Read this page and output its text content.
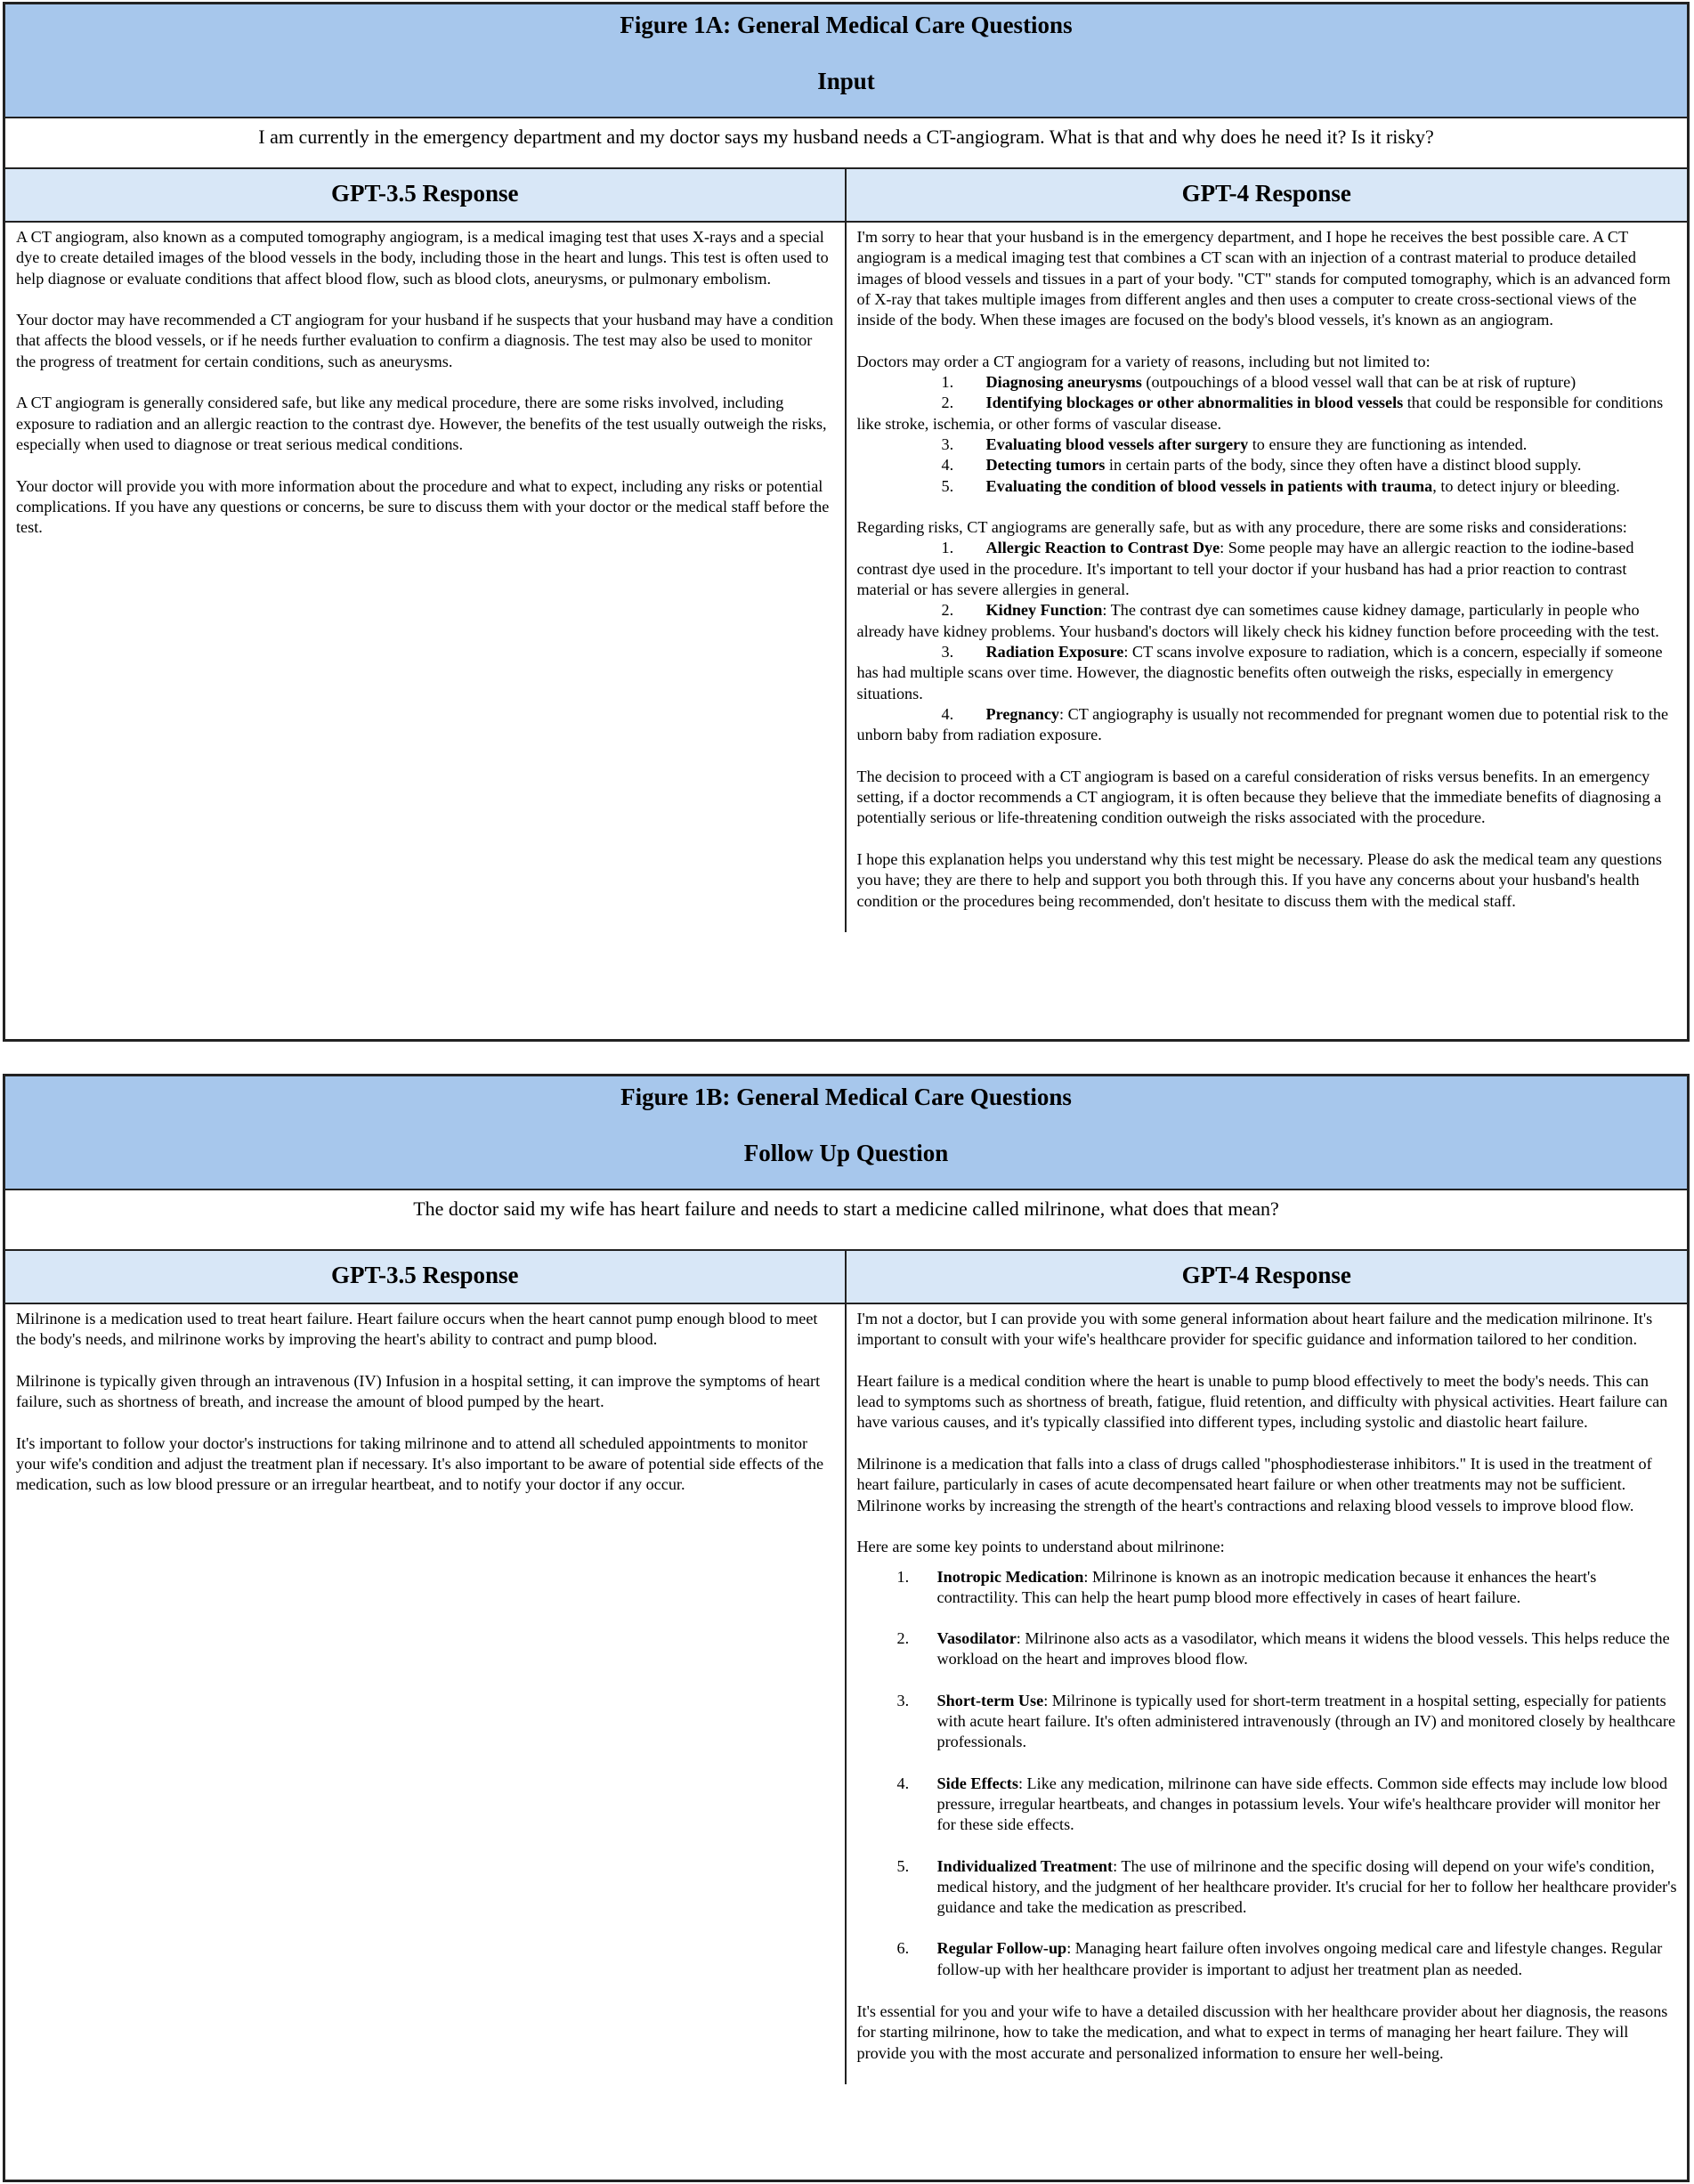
Figure 1A: General Medical Care Questions
Input
I am currently in the emergency department and my doctor says my husband needs a CT-angiogram. What is that and why does he need it? Is it risky?
GPT-3.5 Response

A CT angiogram, also known as a computed tomography angiogram, is a medical imaging test that uses X-rays and a special dye to create detailed images of the blood vessels in the body, including those in the heart and lungs. This test is often used to help diagnose or evaluate conditions that affect blood flow, such as blood clots, aneurysms, or pulmonary embolism.

Your doctor may have recommended a CT angiogram for your husband if he suspects that your husband may have a condition that affects the blood vessels, or if he needs further evaluation to confirm a diagnosis. The test may also be used to monitor the progress of treatment for certain conditions, such as aneurysms.

A CT angiogram is generally considered safe, but like any medical procedure, there are some risks involved, including exposure to radiation and an allergic reaction to the contrast dye. However, the benefits of the test usually outweigh the risks, especially when used to diagnose or treat serious medical conditions.

Your doctor will provide you with more information about the procedure and what to expect, including any risks or potential complications. If you have any questions or concerns, be sure to discuss them with your doctor or the medical staff before the test.

GPT-4 Response

I'm sorry to hear that your husband is in the emergency department, and I hope he receives the best possible care. A CT angiogram is a medical imaging test that combines a CT scan with an injection of a contrast material to produce detailed images of blood vessels and tissues in a part of your body. "CT" stands for computed tomography, which is an advanced form of X-ray that takes multiple images from different angles and then uses a computer to create cross-sectional views of the inside of the body. When these images are focused on the body's blood vessels, it's known as an angiogram.

Doctors may order a CT angiogram for a variety of reasons, including but not limited to:
1. Diagnosing aneurysms (outpouchings of a blood vessel wall that can be at risk of rupture)
2. Identifying blockages or other abnormalities in blood vessels that could be responsible for conditions like stroke, ischemia, or other forms of vascular disease.
3. Evaluating blood vessels after surgery to ensure they are functioning as intended.
4. Detecting tumors in certain parts of the body, since they often have a distinct blood supply.
5. Evaluating the condition of blood vessels in patients with trauma, to detect injury or bleeding.
Regarding risks, CT angiograms are generally safe, but as with any procedure, there are some risks and considerations:
1. Allergic Reaction to Contrast Dye: Some people may have an allergic reaction to the iodine-based contrast dye used in the procedure. It's important to tell your doctor if your husband has had a prior reaction to contrast material or has severe allergies in general.
2. Kidney Function: The contrast dye can sometimes cause kidney damage, particularly in people who already have kidney problems. Your husband's doctors will likely check his kidney function before proceeding with the test.
3. Radiation Exposure: CT scans involve exposure to radiation, which is a concern, especially if someone has had multiple scans over time. However, the diagnostic benefits often outweigh the risks, especially in emergency situations.
4. Pregnancy: CT angiography is usually not recommended for pregnant women due to potential risk to the unborn baby from radiation exposure.

The decision to proceed with a CT angiogram is based on a careful consideration of risks versus benefits. In an emergency setting, if a doctor recommends a CT angiogram, it is often because they believe that the immediate benefits of diagnosing a potentially serious or life-threatening condition outweigh the risks associated with the procedure.

I hope this explanation helps you understand why this test might be necessary. Please do ask the medical team any questions you have; they are there to help and support you both through this. If you have any concerns about your husband's health condition or the procedures being recommended, don't hesitate to discuss them with the medical staff.

Figure 1B: General Medical Care Questions
Follow Up Question
The doctor said my wife has heart failure and needs to start a medicine called milrinone, what does that mean?
GPT-3.5 Response

Milrinone is a medication used to treat heart failure. Heart failure occurs when the heart cannot pump enough blood to meet the body's needs, and milrinone works by improving the heart's ability to contract and pump blood.

Milrinone is typically given through an intravenous (IV) Infusion in a hospital setting, it can improve the symptoms of heart failure, such as shortness of breath, and increase the amount of blood pumped by the heart.

It's important to follow your doctor's instructions for taking milrinone and to attend all scheduled appointments to monitor your wife's condition and adjust the treatment plan if necessary. It's also important to be aware of potential side effects of the medication, such as low blood pressure or an irregular heartbeat, and to notify your doctor if any occur.

GPT-4 Response

I'm not a doctor, but I can provide you with some general information about heart failure and the medication milrinone. It's important to consult with your wife's healthcare provider for specific guidance and information tailored to her condition.

Heart failure is a medical condition where the heart is unable to pump blood effectively to meet the body's needs. This can lead to symptoms such as shortness of breath, fatigue, fluid retention, and difficulty with physical activities. Heart failure can have various causes, and it's typically classified into different types, including systolic and diastolic heart failure.

Milrinone is a medication that falls into a class of drugs called "phosphodiesterase inhibitors." It is used in the treatment of heart failure, particularly in cases of acute decompensated heart failure or when other treatments may not be sufficient. Milrinone works by increasing the strength of the heart's contractions and relaxing blood vessels to improve blood flow.

Here are some key points to understand about milrinone:
1.	Inotropic Medication: Milrinone is known as an inotropic medication because it enhances the heart's contractility. This can help the heart pump blood more effectively in cases of heart failure.
2.	Vasodilator: Milrinone also acts as a vasodilator, which means it widens the blood vessels. This helps reduce the workload on the heart and improves blood flow.
3.	Short-term Use: Milrinone is typically used for short-term treatment in a hospital setting, especially for patients with acute heart failure. It's often administered intravenously (through an IV) and monitored closely by healthcare professionals.
4.	Side Effects: Like any medication, milrinone can have side effects. Common side effects may include low blood pressure, irregular heartbeats, and changes in potassium levels. Your wife's healthcare provider will monitor her for these side effects.
5.	Individualized Treatment: The use of milrinone and the specific dosing will depend on your wife's condition, medical history, and the judgment of her healthcare provider. It's crucial for her to follow her healthcare provider's guidance and take the medication as prescribed.
6.	Regular Follow-up: Managing heart failure often involves ongoing medical care and lifestyle changes. Regular follow-up with her healthcare provider is important to adjust her treatment plan as needed.

It's essential for you and your wife to have a detailed discussion with her healthcare provider about her diagnosis, the reasons for starting milrinone, how to take the medication, and what to expect in terms of managing her heart failure. They will provide you with the most accurate and personalized information to ensure her well-being.
